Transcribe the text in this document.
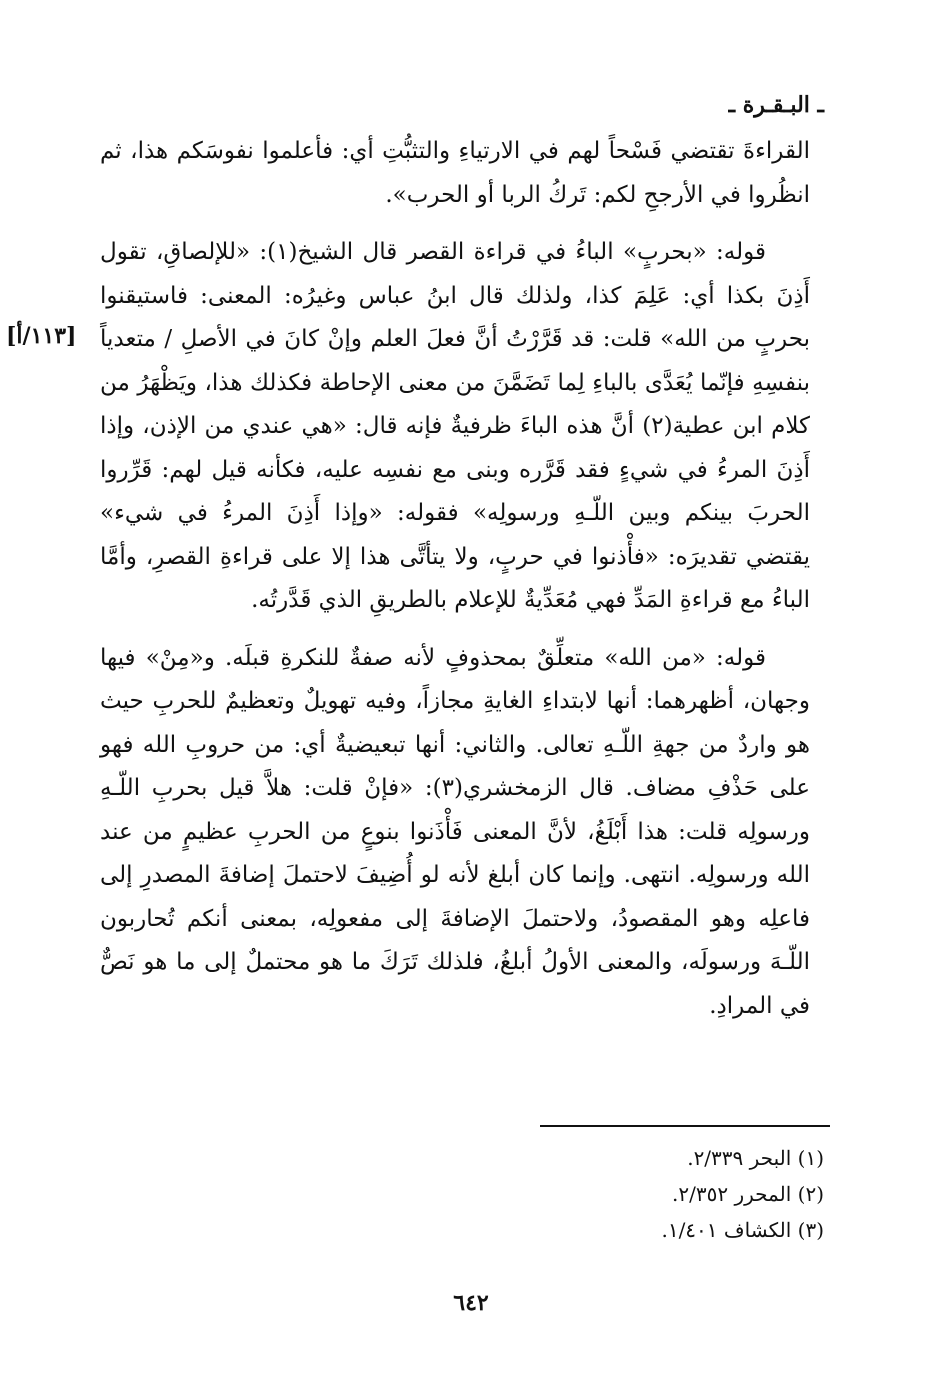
ـ البـقـرة ـ
[١١٣/أ]

القراءةَ تقتضي فَسْحاً لهم في الارتياءِ والتثبُّتِ أي: فأعلموا نفوسَكم هذا، ثم انظُروا في الأرجحِ لكم: تَركُ الربا أو الحرب».

قوله: «بحربٍ» الباءُ في قراءة القصر قال الشيخ(١): «للإلصاقِ، تقول أَذِنَ بكذا أي: عَلِمَ كذا، ولذلك قال ابنُ عباس وغيرُه: المعنى: فاستيقنوا بحربٍ من الله» قلت: قد قَرَّرْتُ أنَّ فعلَ العلم وإنْ كانَ في الأصلِ / متعدياً بنفسِهِ فإنّما يُعَدَّى بالباءِ لِما تَضَمَّنَ من معنى الإحاطة فكذلك هذا، ويَظْهَرُ من كلام ابن عطية(٢) أنَّ هذه الباءَ ظرفيةٌ فإنه قال: «هي عندي من الإذن، وإذا أَذِنَ المرءُ في شيءٍ فقد قَرَّره وبنى مع نفسِه عليه، فكأنه قيل لهم: قَرِّروا الحربَ بينكم وبين اللّـهِ ورسولِه» فقوله: «وإذا أَذِنَ المرءُ في شيء» يقتضي تقديرَه: «فأْذنوا في حربٍ، ولا يتأتَّى هذا إلا على قراءةِ القصرِ، وأمَّا الباءُ مع قراءةِ المَدِّ فهي مُعَدِّيةٌ للإعلام بالطريقِ الذي قَدَّرتُه.

قوله: «من الله» متعلِّقٌ بمحذوفٍ لأنه صفةٌ للنكرةِ قبلَه. و«مِنْ» فيها وجهان، أظهرهما: أنها لابتداءِ الغايةِ مجازاً، وفيه تهويلٌ وتعظيمٌ للحربِ حيث هو واردٌ من جهةِ اللّـهِ تعالى. والثاني: أنها تبعيضيةٌ أي: من حروبِ الله فهو على حَذْفِ مضاف. قال الزمخشري(٣): «فإنْ قلت: هلاَّ قيل بحربِ اللّـهِ ورسولِه قلت: هذا أَبْلَغُ، لأنَّ المعنى فَأْذَنوا بنوعٍ من الحربِ عظيمٍ من عند الله ورسولِه. انتهى. وإنما كان أبلغ لأنه لو أُضِيفَ لاحتملَ إضافةَ المصدرِ إلى فاعلِه وهو المقصودُ، ولاحتملَ الإضافةَ إلى مفعولِه، بمعنى أنكم تُحاربون اللّـهَ ورسولَه، والمعنى الأولُ أبلغُ، فلذلك تَرَكَ ما هو محتملٌ إلى ما هو نَصٌّ في المرادِ.

(١) البحر ٢/٣٣٩.
(٢) المحرر ٢/٣٥٢.
(٣) الكشاف ١/٤٠١.
٦٤٢
